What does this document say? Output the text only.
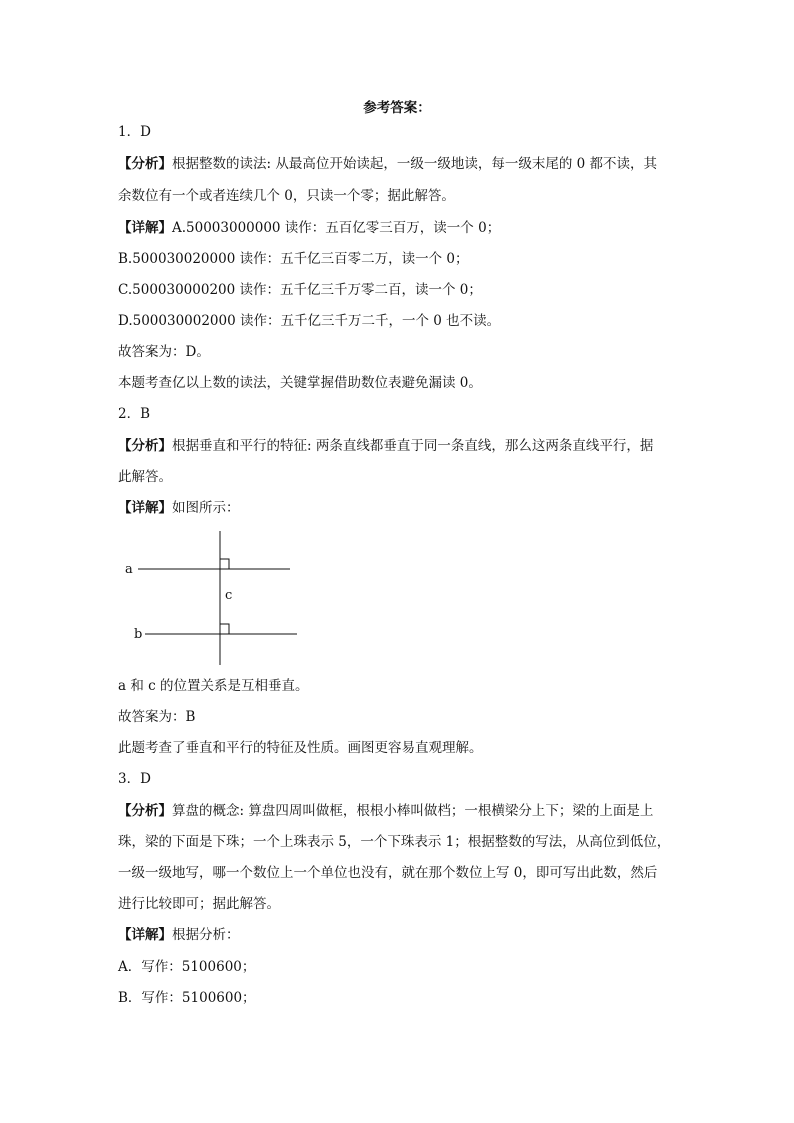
参考答案：
1．D
【分析】根据整数的读法: 从最高位开始读起，一级一级地读，每一级末尾的 0 都不读，其
余数位有一个或者连续几个 0，只读一个零；据此解答。
【详解】A.50003000000 读作：五百亿零三百万，读一个 0；
B.500030020000 读作：五千亿三百零二万，读一个 0；
C.500030000200 读作：五千亿三千万零二百，读一个 0；
D.500030002000 读作：五千亿三千万二千，一个 0 也不读。
故答案为：D。
本题考查亿以上数的读法，关键掌握借助数位表避免漏读 0。
2．B
【分析】根据垂直和平行的特征: 两条直线都垂直于同一条直线，那么这两条直线平行，据
此解答。
【详解】如图所示：
a
b
c
a 和 c 的位置关系是互相垂直。
故答案为：B
此题考查了垂直和平行的特征及性质。画图更容易直观理解。
3．D
【分析】算盘的概念: 算盘四周叫做框，根根小棒叫做档；一根横梁分上下；梁的上面是上
珠，梁的下面是下珠；一个上珠表示 5，一个下珠表示 1；根据整数的写法，从高位到低位，
一级一级地写，哪一个数位上一个单位也没有，就在那个数位上写 0，即可写出此数，然后
进行比较即可；据此解答。
【详解】根据分析：
A．写作：5100600；
B．写作：5100600；
